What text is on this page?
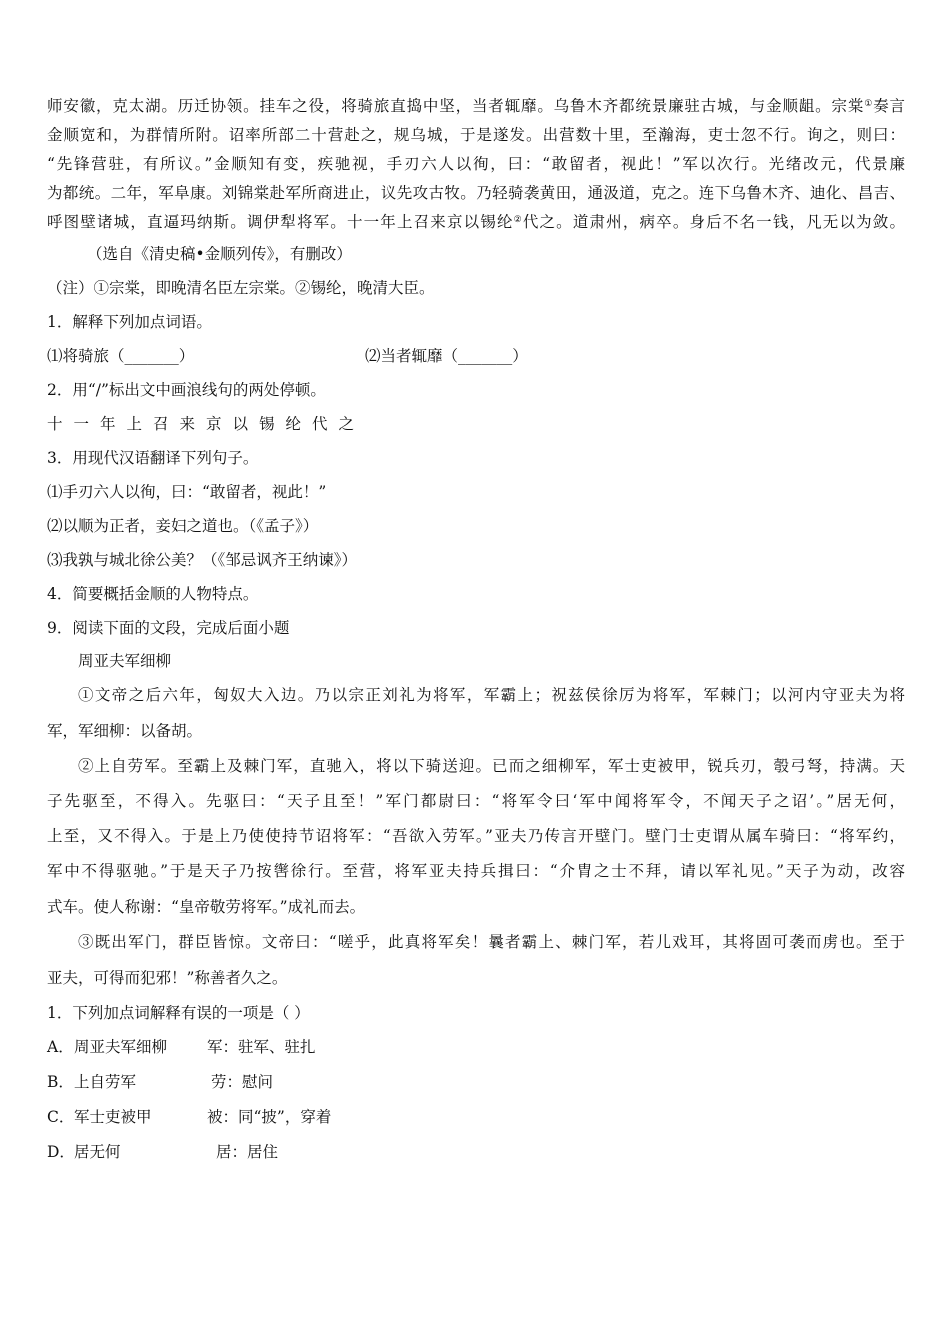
师安徽，克太湖。历迁协领。挂车之役，将骑旅直捣中坚，当者辄靡。乌鲁木齐都统景廉驻古城，与金顺龃。宗棠①奏言

金顺宽和，为群情所附。诏率所部二十营赴之，规乌城，于是遂发。出营数十里，至瀚海，吏士忽不行。询之，则曰：

“先锋营驻，有所议。”金顺知有变，疾驰视，手刃六人以徇，曰：“敢留者，视此！”军以次行。光绪改元，代景廉

为都统。二年，军阜康。刘锦棠赴军所商进止，议先攻古牧。乃轻骑袭黄田，通汲道，克之。连下乌鲁木齐、迪化、昌吉、

呼图壁诸城，直逼玛纳斯。调伊犁将军。十一年上召来京以锡纶②代之。道肃州，病卒。身后不名一钱，凡无以为敛。

（选自《清史稿•金顺列传》，有删改）

（注）①宗棠，即晚清名臣左宗棠。②锡纶，晚清大臣。

1．解释下列加点词语。

⑴将骑旅（_______）	⑵当者辄靡（_______）

2．用“/”标出文中画浪线句的两处停顿。

十一年上召来京以锡纶代之

3．用现代汉语翻译下列句子。

⑴手刃六人以徇，曰：“敢留者，视此！”

⑵以顺为正者，妾妇之道也。（《孟子》）

⑶我孰与城北徐公美？（《邹忌讽齐王纳谏》）

4．简要概括金顺的人物特点。

9．阅读下面的文段，完成后面小题

周亚夫军细柳

①文帝之后六年，匈奴大入边。乃以宗正刘礼为将军，军霸上；祝兹侯徐厉为将军，军棘门；以河内守亚夫为将

军，军细柳：以备胡。

②上自劳军。至霸上及棘门军，直驰入，将以下骑送迎。已而之细柳军，军士吏被甲，锐兵刃，彀弓弩，持满。天

子先驱至，不得入。先驱曰：“天子且至！”军门都尉曰：“将军令曰‘军中闻将军令，不闻天子之诏’。”居无何，

上至，又不得入。于是上乃使使持节诏将军：“吾欲入劳军。”亚夫乃传言开壁门。壁门士吏谓从属车骑曰：“将军约，

军中不得驱驰。”于是天子乃按辔徐行。至营，将军亚夫持兵揖曰：“介胄之士不拜，请以军礼见。”天子为动，改容

式车。使人称谢：“皇帝敬劳将军。”成礼而去。

③既出军门，群臣皆惊。文帝曰：“嗟乎，此真将军矣！曩者霸上、棘门军，若儿戏耳，其将固可袭而虏也。至于

亚夫，可得而犯邪！”称善者久之。

1．下列加点词解释有误的一项是（ ）

A． 周亚夫军细柳	军：驻军、驻扎
B． 上自劳军	劳：慰问
C． 军士吏被甲	被：同“披”，穿着
D． 居无何	居：居住
